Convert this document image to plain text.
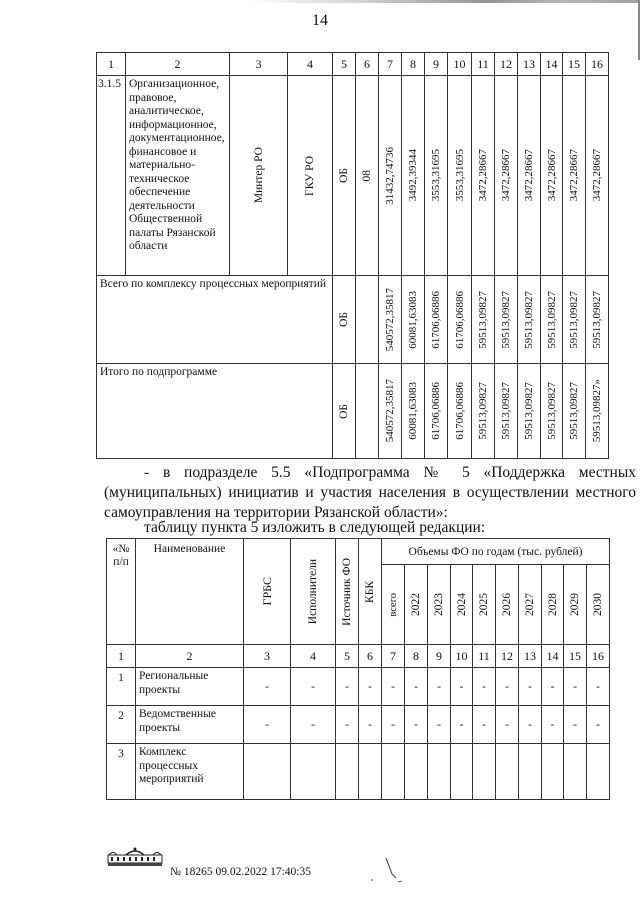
14
1	2	3	4	5	6	7	8	9	10	11	12	13	14	15	16
3.1.5	Организационное, правовое, аналитическое, информационное, документационное, финансовое и материально-техническое обеспечение деятельности Общественной палаты Рязанской области	Минтер РО	ГКУ РО	ОБ	08	31432,74736	3492,39344	3553,31695	3553,31695	3472,28667	3472,28667	3472,28667	3472,28667	3472,28667	3472,28667

Всего по комплексу процессных мероприятий				ОБ		540572,35817	60081,63083	61706,06886	61706,06886	59513,09827	59513,09827	59513,09827	59513,09827	59513,09827	59513,09827

Итого по подпрограмме				ОБ		540572,35817	60081,63083	61706,06886	61706,06886	59513,09827	59513,09827	59513,09827	59513,09827	59513,09827	59513,09827»
- в подразделе 5.5 «Подпрограмма № 5 «Поддержка местных (муниципальных) инициатив и участия населения в осуществлении местного самоуправления на территории Рязанской области»:
таблицу пункта 5 изложить в следующей редакции:
«№ п/п	Наименование	ГРБС	Исполнители	Источник ФО	КБК	Объемы ФО по годам (тыс. рублей)									

						всего	2022	2023	2024	2025	2026	2027	2028	2029	2030

1	2	3	4	5	6	7	8	9	10	11	12	13	14	15	16
1	Региональные проекты	-	-	-	-	-	-	-	-	-	-	-	-	-	-
2	Ведомственные проекты	-	-	-	-	-	-	-	-	-	-	-	-	-	-
3	Комплекс процессных мероприятий														
№ 18265 09.02.2022 17:40:35
